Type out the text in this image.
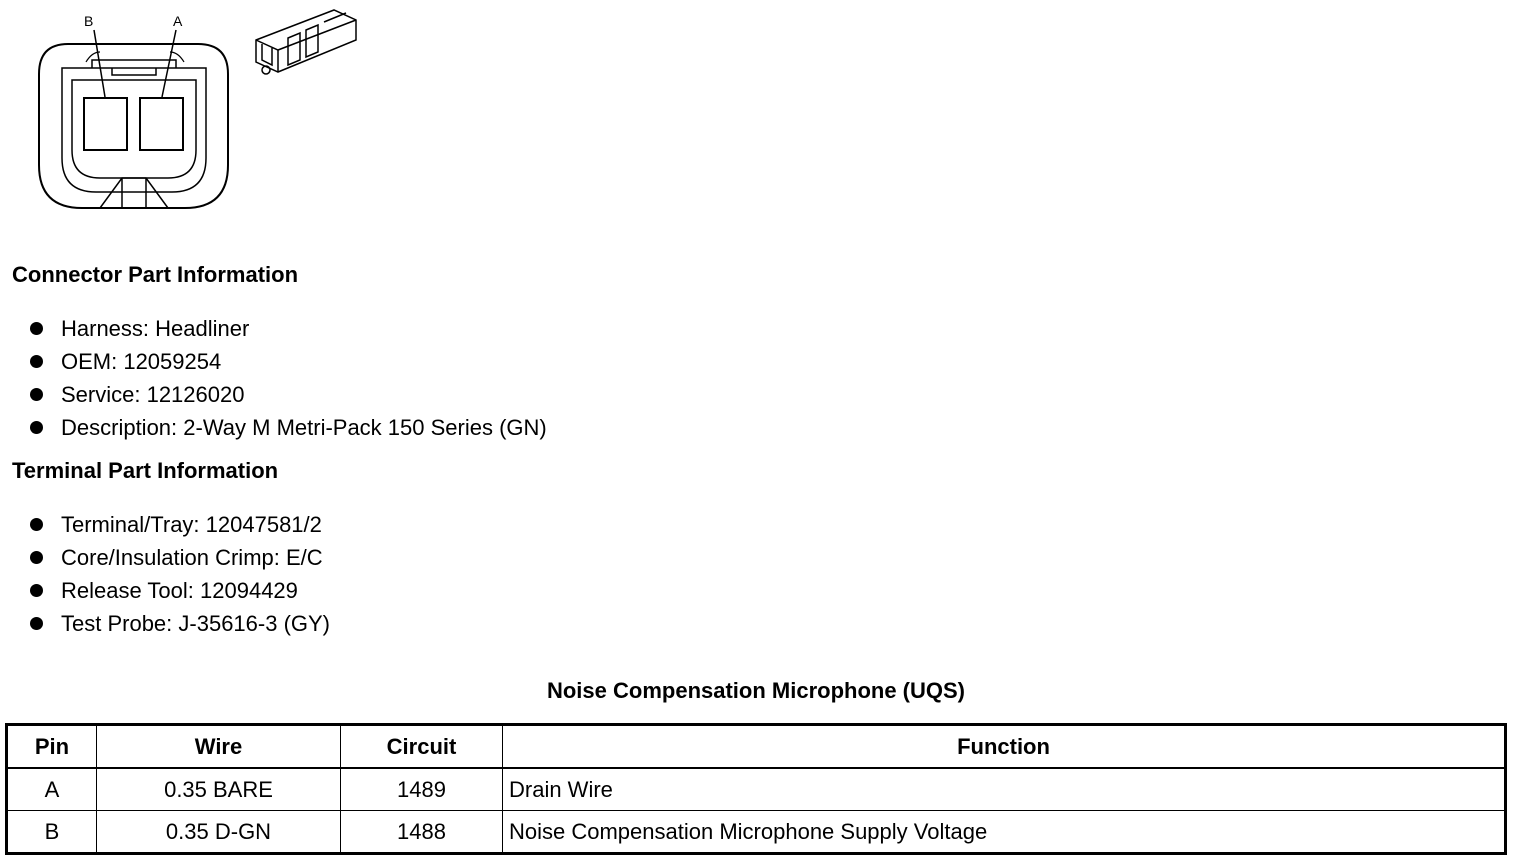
B	A
Connector Part Information
Harness: Headliner
OEM: 12059254
Service: 12126020
Description: 2-Way M Metri-Pack 150 Series (GN)
Terminal Part Information
Terminal/Tray: 12047581/2
Core/Insulation Crimp: E/C
Release Tool: 12094429
Test Probe: J-35616-3 (GY)
Noise Compensation Microphone (UQS)
Pin	Wire	Circuit	Function
A	0.35 BARE	1489	Drain Wire
B	0.35 D-GN	1488	Noise Compensation Microphone Supply Voltage
